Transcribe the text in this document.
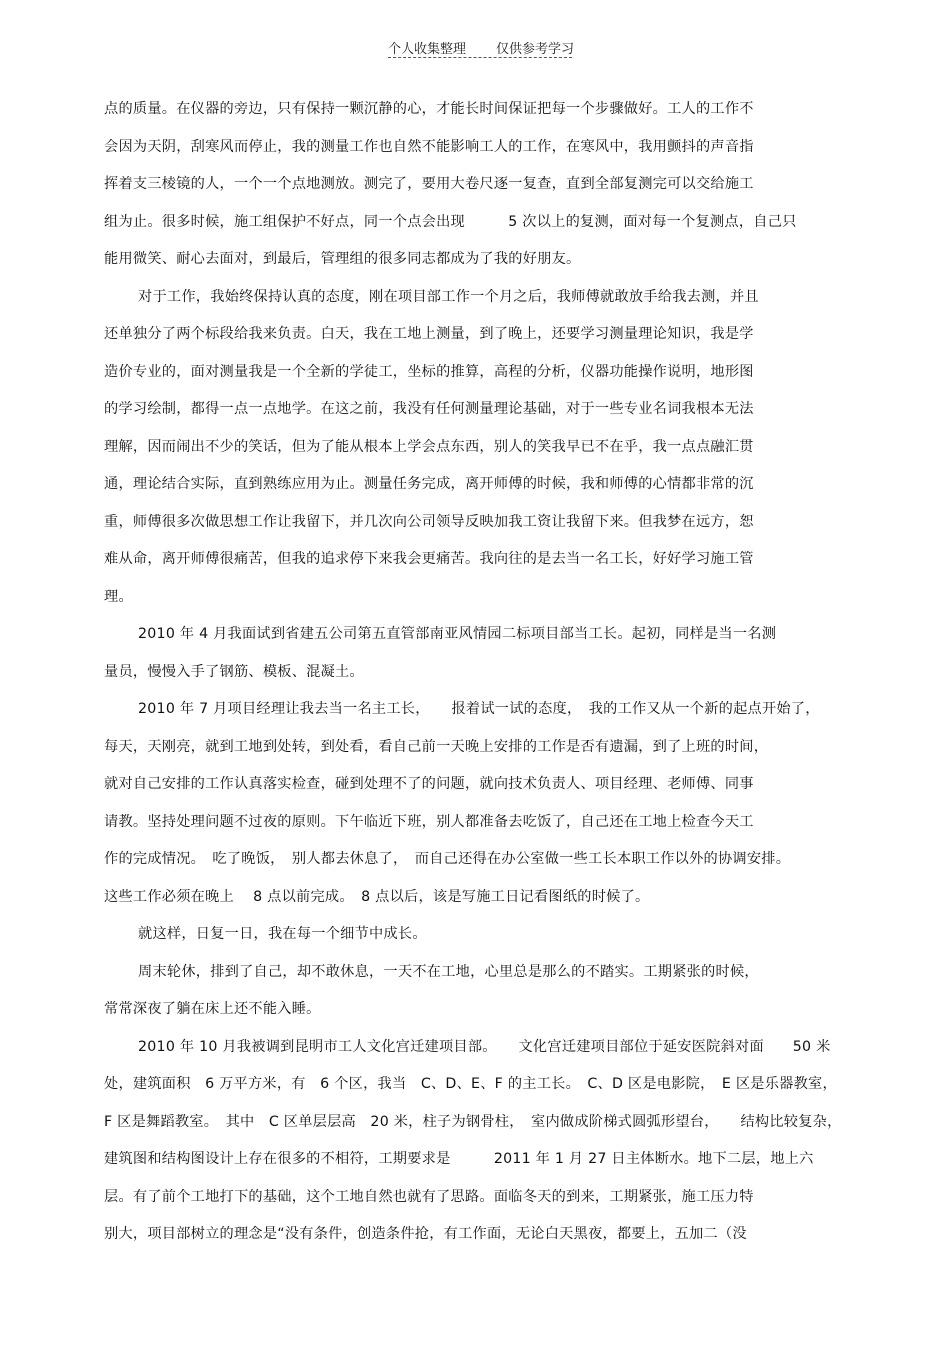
个人收集整理 仅供参考学习
点的质量。在仪器的旁边，只有保持一颗沉静的心，才能长时间保证把每一个步骤做好。工人的工作不
会因为天阴，刮寒风而停止，我的测量工作也自然不能影响工人的工作，在寒风中，我用颤抖的声音指
挥着支三棱镜的人，一个一个点地测放。测完了，要用大卷尺逐一复查，直到全部复测完可以交给施工
组为止。很多时候，施工组保护不好点，同一个点会出现　　　5 次以上的复测，面对每一个复测点，自己只
能用微笑、耐心去面对，到最后，管理组的很多同志都成为了我的好朋友。
对于工作，我始终保持认真的态度，刚在项目部工作一个月之后，我师傅就敢放手给我去测，并且
还单独分了两个标段给我来负责。白天，我在工地上测量，到了晚上，还要学习测量理论知识，我是学
造价专业的，面对测量我是一个全新的学徒工，坐标的推算，高程的分析，仪器功能操作说明，地形图
的学习绘制，都得一点一点地学。在这之前，我没有任何测量理论基础，对于一些专业名词我根本无法
理解，因而闹出不少的笑话，但为了能从根本上学会点东西，别人的笑我早已不在乎，我一点点融汇贯
通，理论结合实际，直到熟练应用为止。测量任务完成，离开师傅的时候，我和师傅的心情都非常的沉
重，师傅很多次做思想工作让我留下，并几次向公司领导反映加我工资让我留下来。但我梦在远方，恕
难从命，离开师傅很痛苦，但我的追求停下来我会更痛苦。我向往的是去当一名工长，好好学习施工管
理。
2010 年 4 月我面试到省建五公司第五直管部南亚风情园二标项目部当工长。起初，同样是当一名测
量员，慢慢入手了钢筋、模板、混凝土。
2010 年 7 月项目经理让我去当一名主工长，　　报着试一试的态度，　我的工作又从一个新的起点开始了，
每天，天刚亮，就到工地到处转，到处看，看自己前一天晚上安排的工作是否有遗漏，到了上班的时间，
就对自己安排的工作认真落实检查，碰到处理不了的问题，就向技术负责人、项目经理、老师傅、同事
请教。坚持处理问题不过夜的原则。下午临近下班，别人都准备去吃饭了，自己还在工地上检查今天工
作的完成情况。　吃了晚饭，　别人都去休息了，　而自己还得在办公室做一些工长本职工作以外的协调安排。
这些工作必须在晚上　 8 点以前完成。　8 点以后，该是写施工日记看图纸的时候了。
就这样，日复一日，我在每一个细节中成长。
周末轮休，排到了自己，却不敢休息，一天不在工地，心里总是那么的不踏实。工期紧张的时候，
常常深夜了躺在床上还不能入睡。
2010 年 10 月我被调到昆明市工人文化宫迁建项目部。　　文化宫迁建项目部位于延安医院斜对面　　50 米
处，建筑面积　6 万平方米，有　6 个区，我当　C、D、E、F 的主工长。　C、D 区是电影院，　E 区是乐器教室，
F 区是舞蹈教室。　其中　C 区单层层高　20 米，柱子为钢骨柱，　室内做成阶梯式圆弧形望台，　　结构比较复杂，
建筑图和结构图设计上存在很多的不相符，工期要求是　　　2011 年 1 月 27 日主体断水。地下二层，地上六
层。有了前个工地打下的基础，这个工地自然也就有了思路。面临冬天的到来，工期紧张，施工压力特
别大，项目部树立的理念是“没有条件，创造条件抢，有工作面，无论白天黑夜，都要上，五加二（没
